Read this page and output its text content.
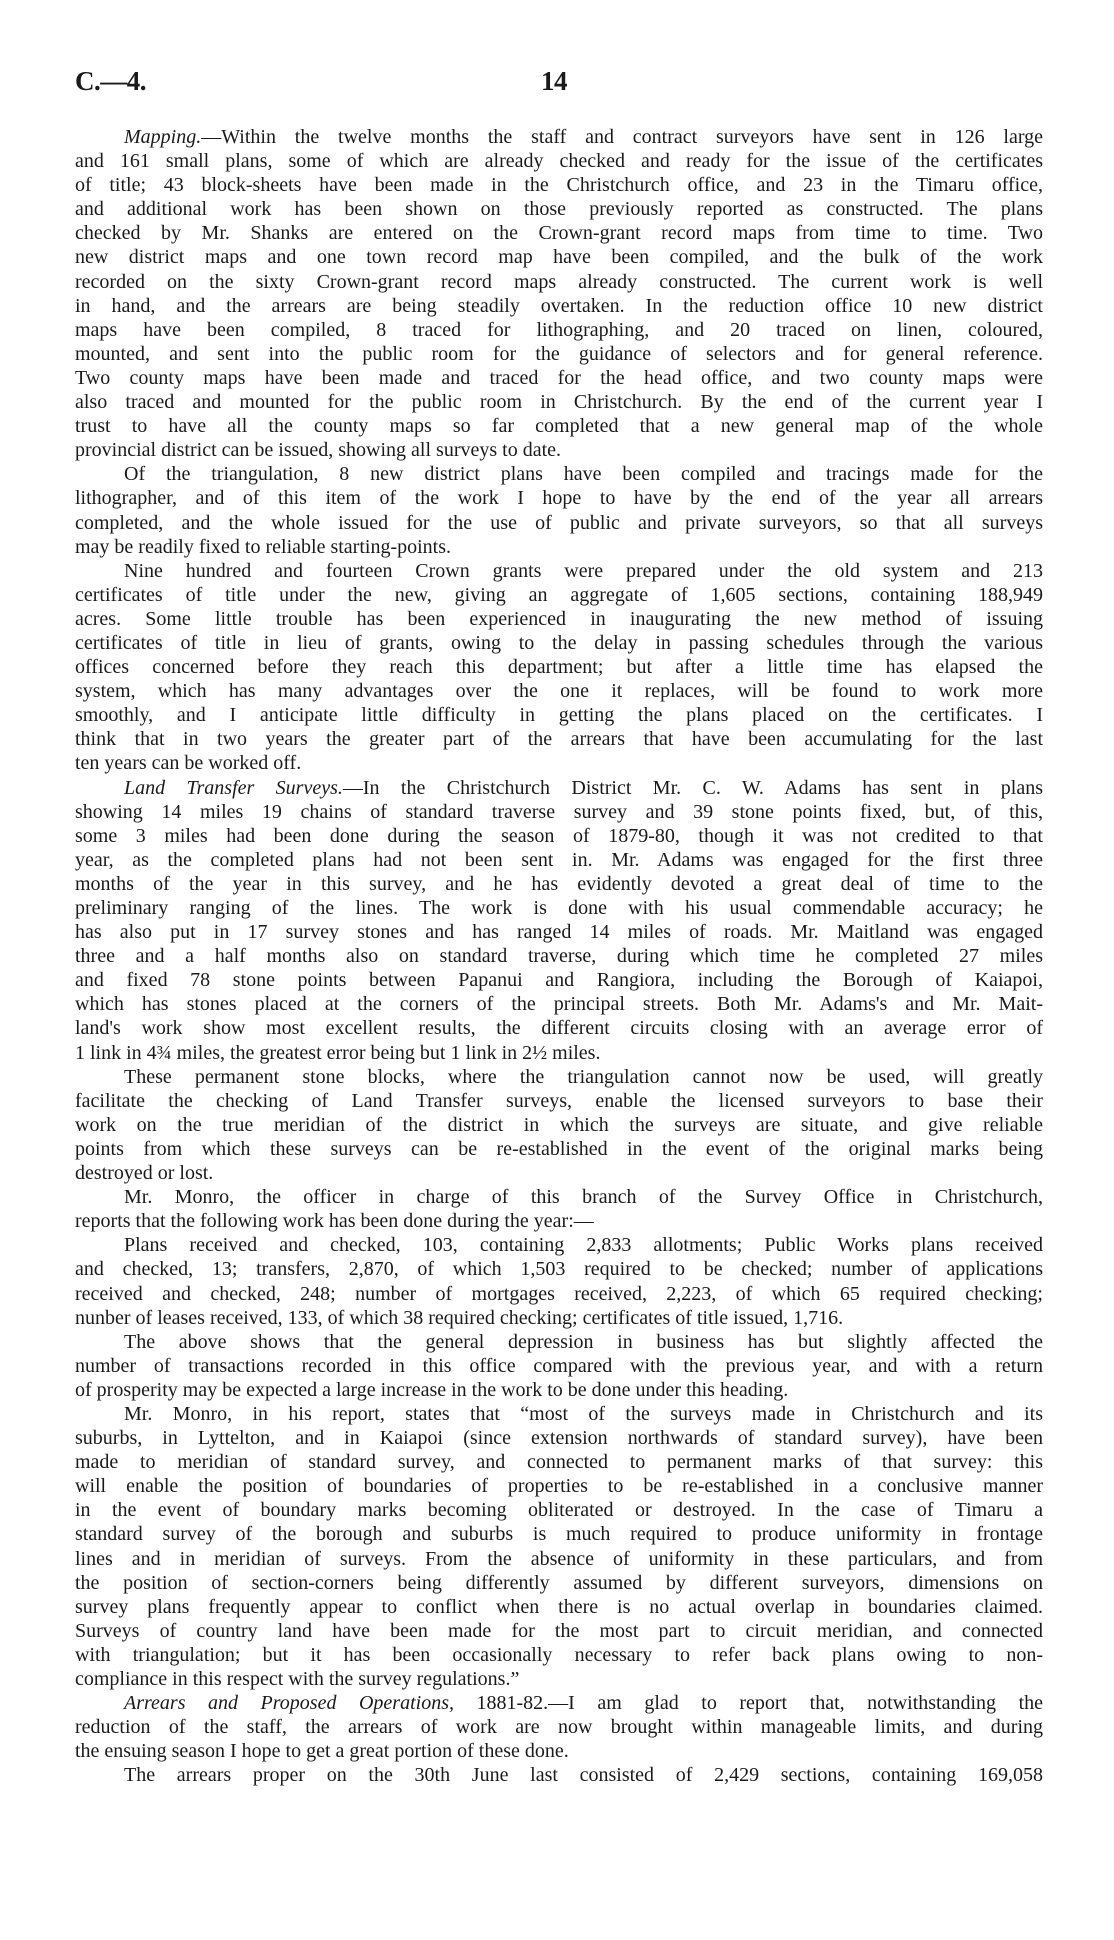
C.—4.	14
Mapping.—Within the twelve months the staff and contract surveyors have sent in 126 large
and 161 small plans, some of which are already checked and ready for the issue of the certificates
of title; 43 block-sheets have been made in the Christchurch office, and 23 in the Timaru office,
and additional work has been shown on those previously reported as constructed. The plans
checked by Mr. Shanks are entered on the Crown-grant record maps from time to time. Two
new district maps and one town record map have been compiled, and the bulk of the work
recorded on the sixty Crown-grant record maps already constructed. The current work is well
in hand, and the arrears are being steadily overtaken. In the reduction office 10 new district
maps have been compiled, 8 traced for lithographing, and 20 traced on linen, coloured,
mounted, and sent into the public room for the guidance of selectors and for general reference.
Two county maps have been made and traced for the head office, and two county maps were
also traced and mounted for the public room in Christchurch. By the end of the current year I
trust to have all the county maps so far completed that a new general map of the whole
provincial district can be issued, showing all surveys to date.
Of the triangulation, 8 new district plans have been compiled and tracings made for the
lithographer, and of this item of the work I hope to have by the end of the year all arrears
completed, and the whole issued for the use of public and private surveyors, so that all surveys
may be readily fixed to reliable starting-points.
Nine hundred and fourteen Crown grants were prepared under the old system and 213
certificates of title under the new, giving an aggregate of 1,605 sections, containing 188,949
acres. Some little trouble has been experienced in inaugurating the new method of issuing
certificates of title in lieu of grants, owing to the delay in passing schedules through the various
offices concerned before they reach this department; but after a little time has elapsed the
system, which has many advantages over the one it replaces, will be found to work more
smoothly, and I anticipate little difficulty in getting the plans placed on the certificates. I
think that in two years the greater part of the arrears that have been accumulating for the last
ten years can be worked off.
Land Transfer Surveys.—In the Christchurch District Mr. C. W. Adams has sent in plans
showing 14 miles 19 chains of standard traverse survey and 39 stone points fixed, but, of this,
some 3 miles had been done during the season of 1879-80, though it was not credited to that
year, as the completed plans had not been sent in. Mr. Adams was engaged for the first three
months of the year in this survey, and he has evidently devoted a great deal of time to the
preliminary ranging of the lines. The work is done with his usual commendable accuracy; he
has also put in 17 survey stones and has ranged 14 miles of roads. Mr. Maitland was engaged
three and a half months also on standard traverse, during which time he completed 27 miles
and fixed 78 stone points between Papanui and Rangiora, including the Borough of Kaiapoi,
which has stones placed at the corners of the principal streets. Both Mr. Adams's and Mr. Mait-
land's work show most excellent results, the different circuits closing with an average error of
1 link in 4¾ miles, the greatest error being but 1 link in 2½ miles.
These permanent stone blocks, where the triangulation cannot now be used, will greatly
facilitate the checking of Land Transfer surveys, enable the licensed surveyors to base their
work on the true meridian of the district in which the surveys are situate, and give reliable
points from which these surveys can be re-established in the event of the original marks being
destroyed or lost.
Mr. Monro, the officer in charge of this branch of the Survey Office in Christchurch,
reports that the following work has been done during the year:—
Plans received and checked, 103, containing 2,833 allotments; Public Works plans received
and checked, 13; transfers, 2,870, of which 1,503 required to be checked; number of applications
received and checked, 248; number of mortgages received, 2,223, of which 65 required checking;
nunber of leases received, 133, of which 38 required checking; certificates of title issued, 1,716.
The above shows that the general depression in business has but slightly affected the
number of transactions recorded in this office compared with the previous year, and with a return
of prosperity may be expected a large increase in the work to be done under this heading.
Mr. Monro, in his report, states that “most of the surveys made in Christchurch and its
suburbs, in Lyttelton, and in Kaiapoi (since extension northwards of standard survey), have been
made to meridian of standard survey, and connected to permanent marks of that survey: this
will enable the position of boundaries of properties to be re-established in a conclusive manner
in the event of boundary marks becoming obliterated or destroyed. In the case of Timaru a
standard survey of the borough and suburbs is much required to produce uniformity in frontage
lines and in meridian of surveys. From the absence of uniformity in these particulars, and from
the position of section-corners being differently assumed by different surveyors, dimensions on
survey plans frequently appear to conflict when there is no actual overlap in boundaries claimed.
Surveys of country land have been made for the most part to circuit meridian, and connected
with triangulation; but it has been occasionally necessary to refer back plans owing to non-
compliance in this respect with the survey regulations.”
Arrears and Proposed Operations, 1881-82.—I am glad to report that, notwithstanding the
reduction of the staff, the arrears of work are now brought within manageable limits, and during
the ensuing season I hope to get a great portion of these done.
The arrears proper on the 30th June last consisted of 2,429 sections, containing 169,058
